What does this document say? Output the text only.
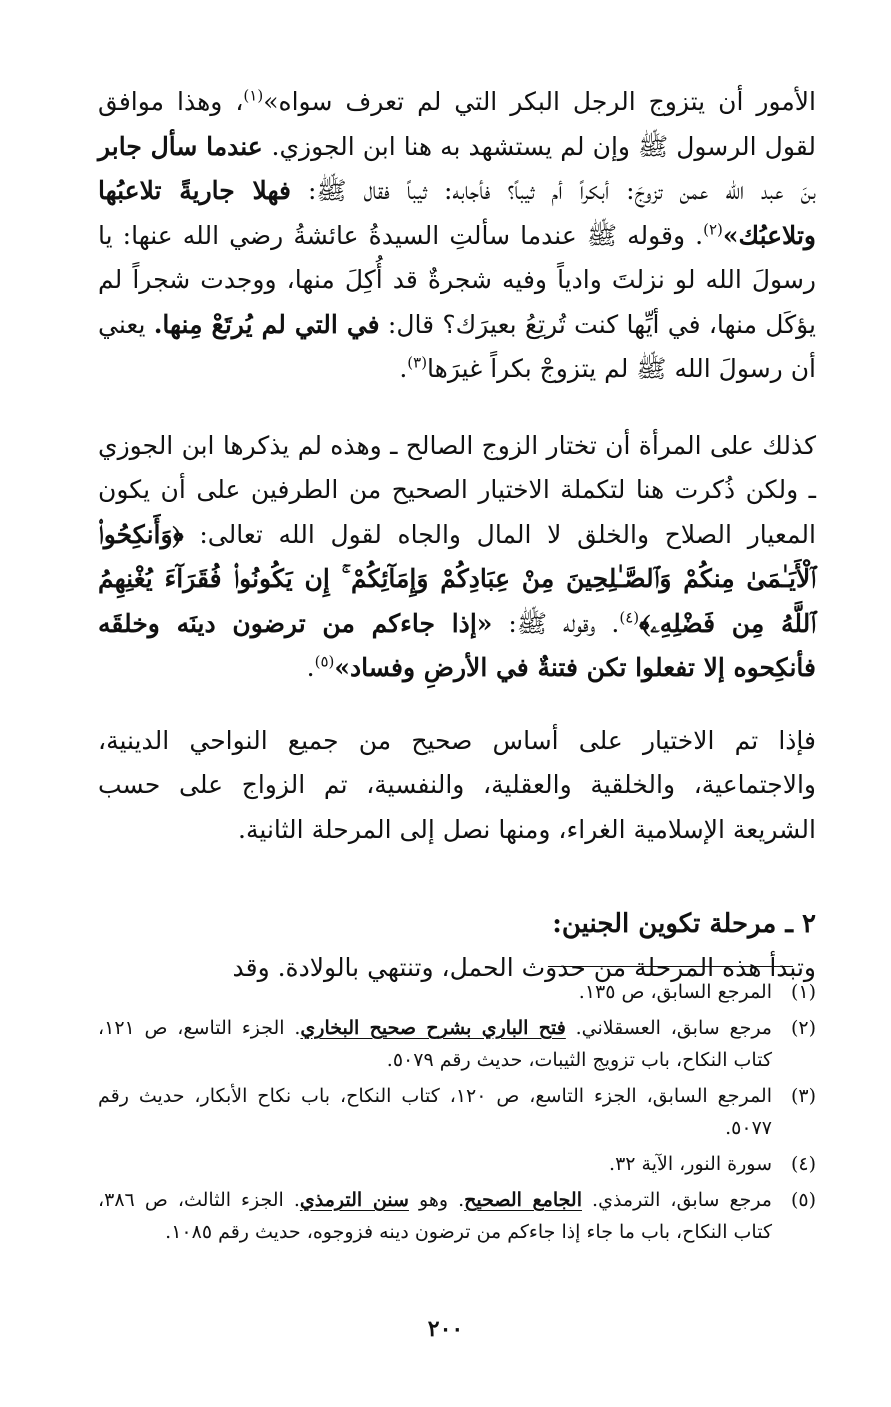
الأمور أن يتزوج الرجل البكر التي لم تعرف سواه»$^{(١)}$، وهذا موافق لقول الرسول ﷺ وإن لم يستشهد به هنا ابن الجوزي. عندما سأل جابر بنَ عبد الله عمن تزوجَ: أبكراً أم ثيباً؟ فأجابه: ثيباً فقال ﷺ: فهلا جاريةً تلاعبُها وتلاعبُك»$^{(٢)}$. وقوله ﷺ عندما سألتِ السيدةُ عائشةُ رضي الله عنها: يا رسولَ الله لو نزلتَ وادياً وفيه شجرةٌ قد أُكِلَ منها، ووجدت شجراً لم يؤكَل منها، في أيِّها كنت تُرتِعُ بعيرَك؟ قال: في التي لم يُرتَعْ مِنها. يعني أن رسولَ الله ﷺ لم يتزوجْ بكراً غيرَها$^{(٣)}$.

كذلك على المرأة أن تختار الزوج الصالح ـ وهذه لم يذكرها ابن الجوزي ـ ولكن ذُكرت هنا لتكملة الاختيار الصحيح من الطرفين على أن يكون المعيار الصلاح والخلق لا المال والجاه لقول الله تعالى: ﴿وَأَنكِحُوا۟ ٱلْأَيَـٰمَىٰ مِنكُمْ وَٱلصَّـٰلِحِينَ مِنْ عِبَادِكُمْ وَإِمَآئِكُمْ ۚ إِن يَكُونُوا۟ فُقَرَآءَ يُغْنِهِمُ ٱللَّهُ مِن فَضْلِهِۦ﴾$^{(٤)}$. وقوله ﷺ: «إذا جاءكم من ترضون دينَه وخلقَه فأنكِحوه إلا تفعلوا تكن فتنةٌ في الأرضِ وفساد»$^{(٥)}$.

فإذا تم الاختيار على أساس صحيح من جميع النواحي الدينية، والاجتماعية، والخلقية والعقلية، والنفسية، تم الزواج على حسب الشريعة الإسلامية الغراء، ومنها نصل إلى المرحلة الثانية.

٢ ـ مرحلة تكوين الجنين:

وتبدأ هذه المرحلة من حدوث الحمل، وتنتهي بالولادة. وقد

(١)
المرجع السابق، ص ١٣٥.
(٢)
مرجع سابق، العسقلاني. فتح الباري بشرح صحيح البخاري. الجزء التاسع، ص ١٢١، كتاب النكاح، باب تزويج الثيبات، حديث رقم ٥٠٧٩.
(٣)
المرجع السابق، الجزء التاسع، ص ١٢٠، كتاب النكاح، باب نكاح الأبكار، حديث رقم ٥٠٧٧.
(٤)
سورة النور، الآية ٣٢.
(٥)
مرجع سابق، الترمذي. الجامع الصحيح. وهو سنن الترمذي. الجزء الثالث، ص ٣٨٦، كتاب النكاح، باب ما جاء إذا جاءكم من ترضون دينه فزوجوه، حديث رقم ١٠٨٥.
٢٠٠
